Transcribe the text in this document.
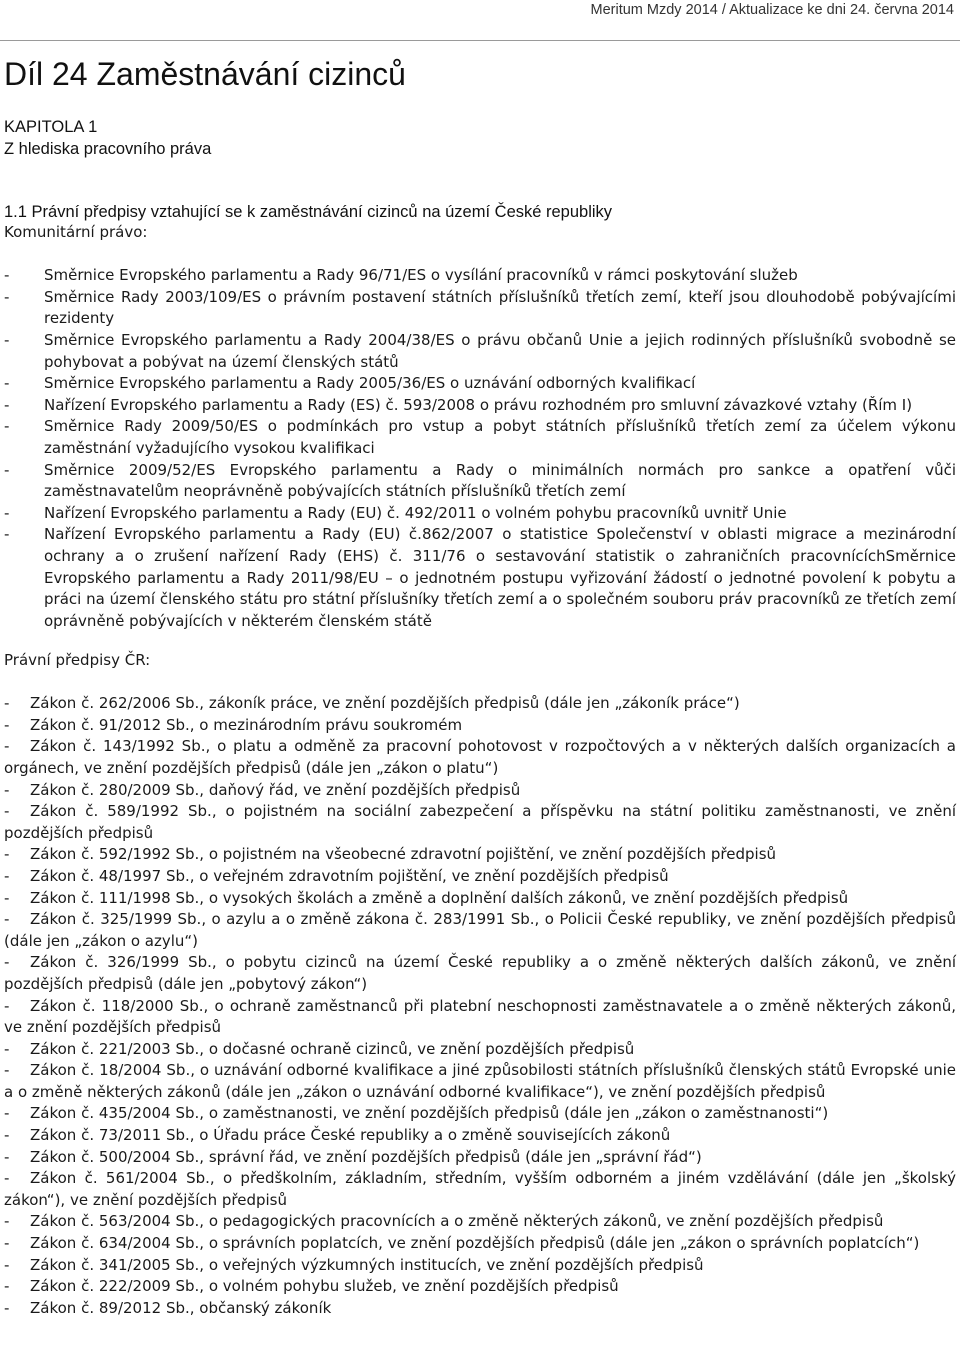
Meritum Mzdy 2014 / Aktualizace ke dni 24. června 2014
Díl 24 Zaměstnávání cizinců
KAPITOLA 1
Z hlediska pracovního práva
1.1 Právní předpisy vztahující se k zaměstnávání cizinců na území České republiky

Komunitární právo:

- Směrnice Evropského parlamentu a Rady 96/71/ES o vysílání pracovníků v rámci poskytování služeb
- Směrnice Rady 2003/109/ES o právním postavení státních příslušníků třetích zemí, kteří jsou dlouhodobě pobývajícími rezidenty
- Směrnice Evropského parlamentu a Rady 2004/38/ES o právu občanů Unie a jejich rodinných příslušníků svobodně se pohybovat a pobývat na území členských států
- Směrnice Evropského parlamentu a Rady 2005/36/ES o uznávání odborných kvalifikací
- Nařízení Evropského parlamentu a Rady (ES) č. 593/2008 o právu rozhodném pro smluvní závazkové vztahy (Řím I)
- Směrnice Rady 2009/50/ES o podmínkách pro vstup a pobyt státních příslušníků třetích zemí za účelem výkonu zaměstnání vyžadujícího vysokou kvalifikaci
- Směrnice 2009/52/ES Evropského parlamentu a Rady o minimálních normách pro sankce a opatření vůči zaměstnavatelům neoprávněně pobývajících státních příslušníků třetích zemí
- Nařízení Evropského parlamentu a Rady (EU) č. 492/2011 o volném pohybu pracovníků uvnitř Unie
- Nařízení Evropského parlamentu a Rady (EU) č.862/2007 o statistice Společenství v oblasti migrace a mezinárodní ochrany a o zrušení nařízení Rady (EHS) č. 311/76 o sestavování statistik o zahraničních pracovnícíchSměrnice Evropského parlamentu a Rady 2011/98/EU – o jednotném postupu vyřizování žádostí o jednotné povolení k pobytu a práci na území členského státu pro státní příslušníky třetích zemí a o společném souboru práv pracovníků ze třetích zemí oprávněně pobývajících v některém členském státě

Právní předpisy ČR:

- Zákon č. 262/2006 Sb., zákoník práce, ve znění pozdějších předpisů (dále jen „zákoník práce“)
- Zákon č. 91/2012 Sb., o mezinárodním právu soukromém
- Zákon č. 143/1992 Sb., o platu a odměně za pracovní pohotovost v rozpočtových a v některých dalších organizacích a orgánech, ve znění pozdějších předpisů (dále jen „zákon o platu“)
- Zákon č. 280/2009 Sb., daňový řád, ve znění pozdějších předpisů
- Zákon č. 589/1992 Sb., o pojistném na sociální zabezpečení a příspěvku na státní politiku zaměstnanosti, ve znění pozdějších předpisů
- Zákon č. 592/1992 Sb., o pojistném na všeobecné zdravotní pojištění, ve znění pozdějších předpisů
- Zákon č. 48/1997 Sb., o veřejném zdravotním pojištění, ve znění pozdějších předpisů
- Zákon č. 111/1998 Sb., o vysokých školách a změně a doplnění dalších zákonů, ve znění pozdějších předpisů
- Zákon č. 325/1999 Sb., o azylu a o změně zákona č. 283/1991 Sb., o Policii České republiky, ve znění pozdějších předpisů (dále jen „zákon o azylu“)
- Zákon č. 326/1999 Sb., o pobytu cizinců na území České republiky a o změně některých dalších zákonů, ve znění pozdějších předpisů (dále jen „pobytový zákon“)
- Zákon č. 118/2000 Sb., o ochraně zaměstnanců při platební neschopnosti zaměstnavatele a o změně některých zákonů, ve znění pozdějších předpisů
- Zákon č. 221/2003 Sb., o dočasné ochraně cizinců, ve znění pozdějších předpisů
- Zákon č. 18/2004 Sb., o uznávání odborné kvalifikace a jiné způsobilosti státních příslušníků členských států Evropské unie a o změně některých zákonů (dále jen „zákon o uznávání odborné kvalifikace“), ve znění pozdějších předpisů
- Zákon č. 435/2004 Sb., o zaměstnanosti, ve znění pozdějších předpisů (dále jen „zákon o zaměstnanosti“)
- Zákon č. 73/2011 Sb., o Úřadu práce České republiky a o změně souvisejících zákonů
- Zákon č. 500/2004 Sb., správní řád, ve znění pozdějších předpisů (dále jen „správní řád“)
- Zákon č. 561/2004 Sb., o předškolním, základním, středním, vyšším odborném a jiném vzdělávání (dále jen „školský zákon“), ve znění pozdějších předpisů
- Zákon č. 563/2004 Sb., o pedagogických pracovnících a o změně některých zákonů, ve znění pozdějších předpisů
- Zákon č. 634/2004 Sb., o správních poplatcích, ve znění pozdějších předpisů (dále jen „zákon o správních poplatcích“)
- Zákon č. 341/2005 Sb., o veřejných výzkumných institucích, ve znění pozdějších předpisů
- Zákon č. 222/2009 Sb., o volném pohybu služeb, ve znění pozdějších předpisů
- Zákon č. 89/2012 Sb., občanský zákoník
